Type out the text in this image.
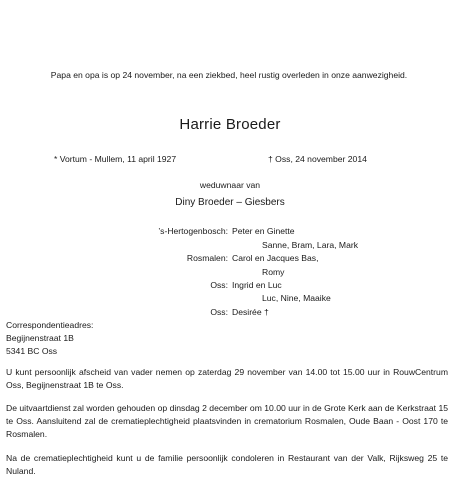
Papa en opa is op 24 november, na een ziekbed, heel rustig overleden in onze aanwezigheid.
Harrie Broeder
* Vortum - Mullem, 11 april 1927	† Oss, 24 november 2014
weduwnaar van
Diny Broeder – Giesbers
’s-Hertogenbosch: Peter en Ginette
Sanne, Bram, Lara, Mark
Rosmalen: Carol en Jacques Bas,
Romy
Oss: Ingrid en Luc
Luc, Nine, Maaike
Oss: Desirée †
Correspondentieadres:
Begijnenstraat 1B
5341 BC Oss
U kunt persoonlijk afscheid van vader nemen op zaterdag 29 november van 14.00 tot 15.00 uur in RouwCentrum Oss, Begijnenstraat 1B te Oss.
De uitvaartdienst zal worden gehouden op dinsdag 2 december om 10.00 uur in de Grote Kerk aan de Kerkstraat 15 te Oss. Aansluitend zal de crematieplechtigheid plaatsvinden in crematorium Rosmalen, Oude Baan - Oost 170 te Rosmalen.
Na de crematieplechtigheid kunt u de familie persoonlijk condoleren in Restaurant van der Valk, Rijksweg 25 te Nuland.
